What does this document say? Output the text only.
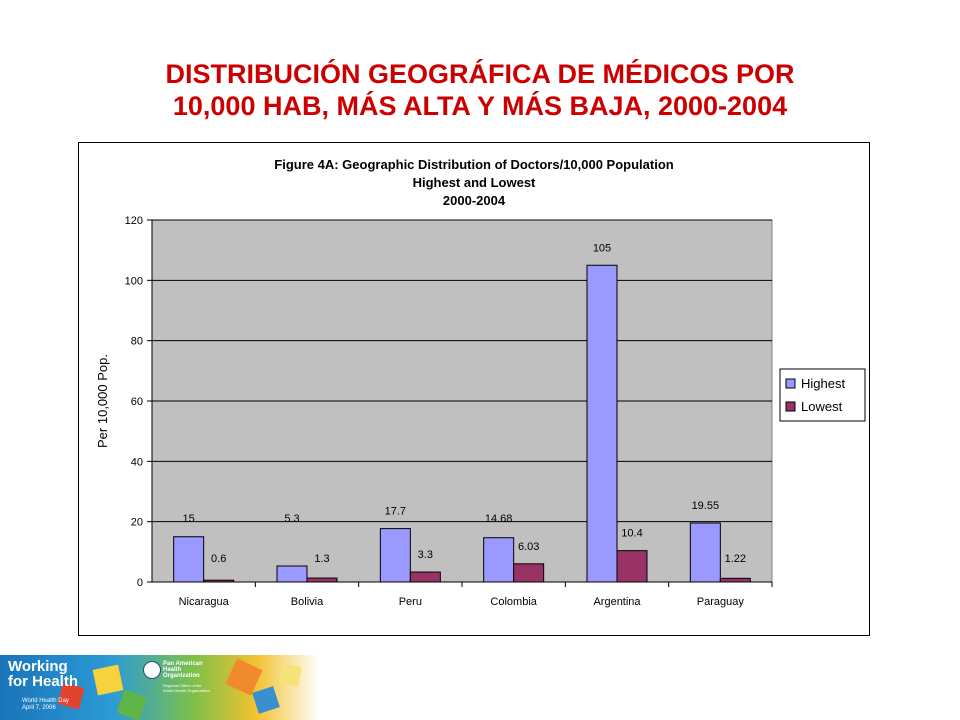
DISTRIBUCIÓN GEOGRÁFICA DE MÉDICOS POR
10,000 HAB, MÁS ALTA Y MÁS BAJA, 2000-2004
Figure 4A: Geographic Distribution of Doctors/10,000 Population
Highest and Lowest
2000-2004
0
20
40
60
80
100
120
Per 10,000 Pop.
Nicaragua
15
0.6
Bolivia
5.3
1.3
Peru
17.7
3.3
Colombia
14.68
6.03
Argentina
105
10.4
Paraguay
19.55
1.22
Highest
Lowest
Working
for Health
World Health Day
April 7, 2006
Pan American
Health
Organization
Regional Office of the
World Health Organization
